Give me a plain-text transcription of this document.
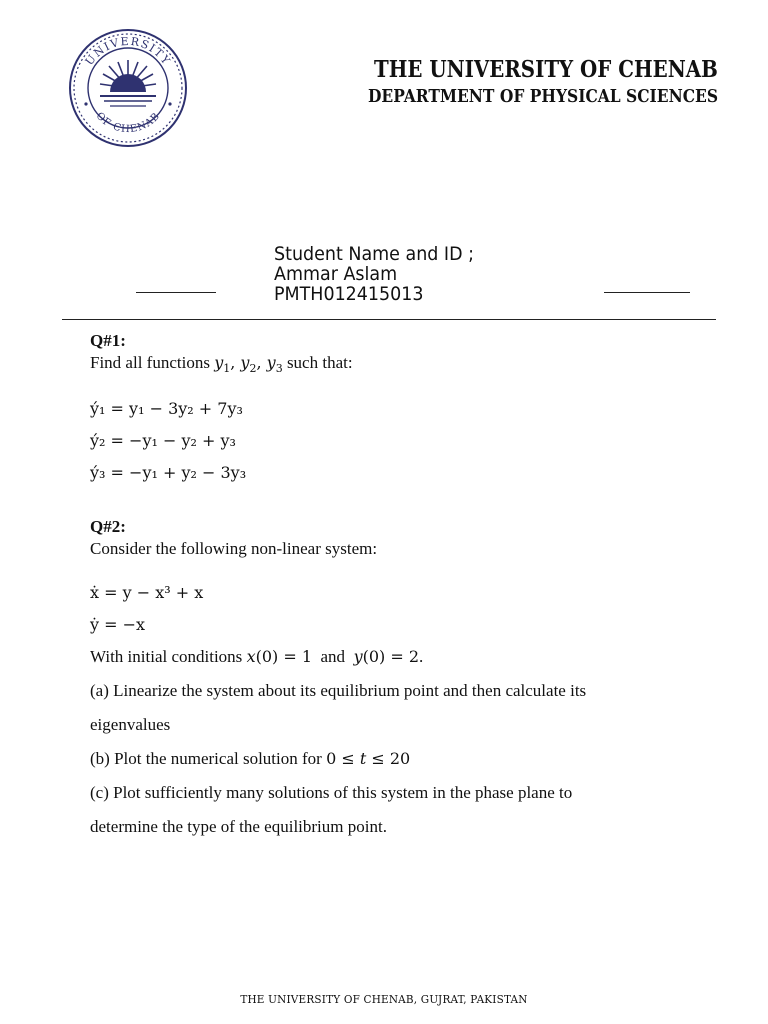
UNIVERSITY
OF CHENAB
THE UNIVERSITY OF CHENAB
DEPARTMENT OF PHYSICAL SCIENCES
Student Name and ID ;
Ammar Aslam
PMTH012415013
Q#1:
Find all functions $y_1$, $y_2$, $y_3$ such that:
ý₁ = y₁ − 3y₂ + 7y₃
ý₂ = −y₁ − y₂ + y₃
ý₃ = −y₁ + y₂ − 3y₃
Q#2:
Consider the following non-linear system:
ẋ = y − x³ + x
ẏ = −x
With initial conditions x(0) = 1  and  y(0) = 2.
(a) Linearize the system about its equilibrium point and then calculate its
eigenvalues
(b) Plot the numerical solution for 0 ≤ t ≤ 20
(c) Plot sufficiently many solutions of this system in the phase plane to
determine the type of the equilibrium point.
THE UNIVERSITY OF CHENAB, GUJRAT, PAKISTAN
